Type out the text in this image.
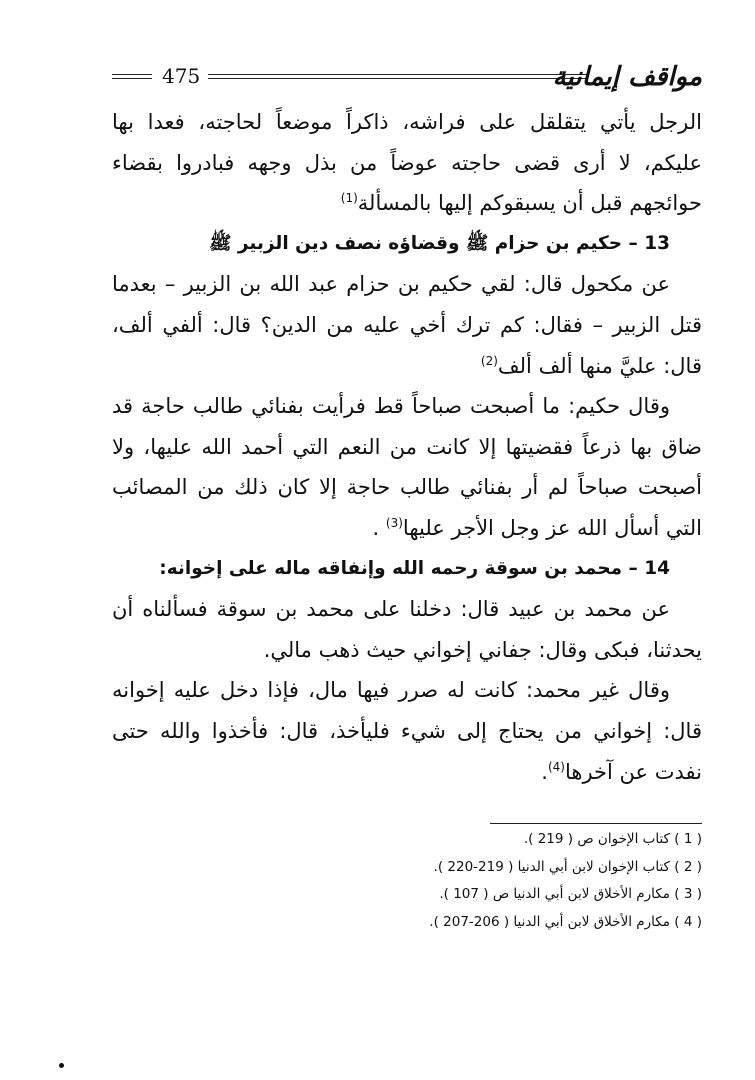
475	مواقف إيمانية

الرجل يأتي يتقلقل على فراشه، ذاكراً موضعاً لحاجته، فعدا بها عليكم، لا أرى قضى حاجته عوضاً من بذل وجهه فبادروا بقضاء حوائجهم قبل أن يسبقوكم إليها بالمسألة$^{(1)}$

13 – حكيم بن حزام ﷺ وقضاؤه نصف دين الزبير ﷺ

عن مكحول قال: لقي حكيم بن حزام عبد الله بن الزبير – بعدما قتل الزبير – فقال: كم ترك أخي عليه من الدين؟ قال: ألفي ألف، قال: عليَّ منها ألف ألف$^{(2)}$

وقال حكيم: ما أصبحت صباحاً قط فرأيت بفنائي طالب حاجة قد ضاق بها ذرعاً فقضيتها إلا كانت من النعم التي أحمد الله عليها، ولا أصبحت صباحاً لم أر بفنائي طالب حاجة إلا كان ذلك من المصائب التي أسأل الله عز وجل الأجر عليها$^{(3)}$ .

14 – محمد بن سوقة رحمه الله وإنفاقه ماله على إخوانه:

عن محمد بن عبيد قال: دخلنا على محمد بن سوقة فسألناه أن يحدثنا، فبكى وقال: جفاني إخواني حيث ذهب مالي.

وقال غير محمد: كانت له صرر فيها مال، فإذا دخل عليه إخوانه قال: إخواني من يحتاج إلى شيء فليأخذ، قال: فأخذوا والله حتى نفدت عن آخرها$^{(4)}$.

( 1 ) كتاب الإخوان ص ( 219 ).
( 2 ) كتاب الإخوان لابن أبي الدنيا ( 219-220 ).
( 3 ) مكارم الأخلاق لابن أبي الدنيا ص ( 107 ).
( 4 ) مكارم الأخلاق لابن أبي الدنيا ( 206-207 ).
